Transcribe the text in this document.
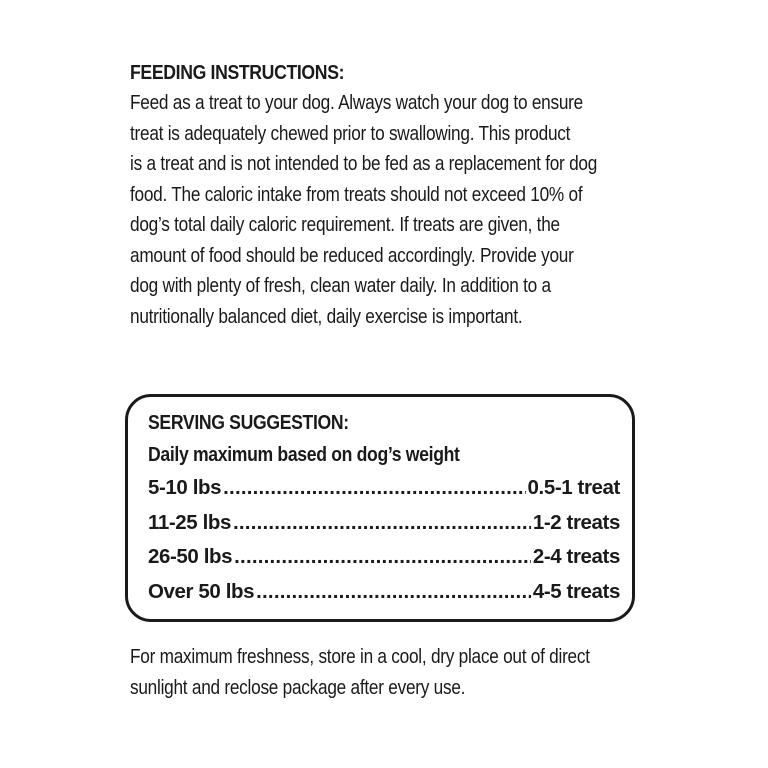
FEEDING INSTRUCTIONS:
Feed as a treat to your dog. Always watch your dog to ensure
treat is adequately chewed prior to swallowing. This product
is a treat and is not intended to be fed as a replacement for dog
food. The caloric intake from treats should not exceed 10% of
dog’s total daily caloric requirement. If treats are given, the
amount of food should be reduced accordingly. Provide your
dog with plenty of fresh, clean water daily. In addition to a
nutritionally balanced diet, daily exercise is important.
SERVING SUGGESTION:
Daily maximum based on dog’s weight
5-10 lbs .....	0.5-1 treat
11-25 lbs .....	1-2 treats
26-50 lbs .....	2-4 treats
Over 50 lbs .....	4-5 treats
For maximum freshness, store in a cool, dry place out of direct
sunlight and reclose package after every use.
